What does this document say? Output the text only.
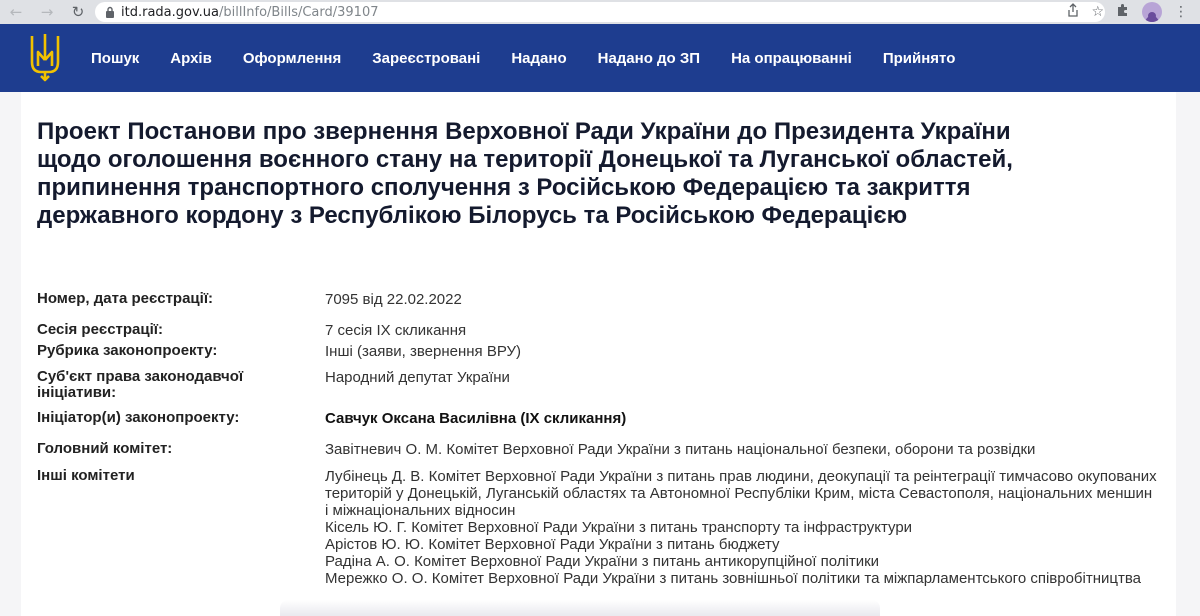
←	→	↻	itd.rada.gov.ua /billInfo/Bills/Card/39107	☆	⋮
Пошук Архів Оформлення Зареєстровані Надано Надано до ЗП На опрацюванні Прийнято
Проект Постанови про звернення Верховної Ради України до Президента України щодо оголошення воєнного стану на території Донецької та Луганської областей, припинення транспортного сполучення з Російською Федерацією та закриття державного кордону з Республікою Білорусь та Російською Федерацією
Номер, дата реєстрації:	7095 від 22.02.2022
Сесія реєстрації:	7 сесія IX скликання
Рубрика законопроекту:	Інші (заяви, звернення ВРУ)
Суб'єкт права законодавчої ініціативи:
Народний депутат України
Ініціатор(и) законопроекту:	Савчук Оксана Василівна (IX скликання)
Головний комітет:	Завітневич О. М. Комітет Верховної Ради України з питань національної безпеки, оборони та розвідки
Інші комітети	Лубінець Д. В. Комітет Верховної Ради України з питань прав людини, деокупації та реінтеграції тимчасово окупованих територій у Донецькій, Луганській областях та Автономної Республіки Крим, міста Севастополя, національних меншин і міжнаціональних відносин
Кісель Ю. Г. Комітет Верховної Ради України з питань транспорту та інфраструктури
Арістов Ю. Ю. Комітет Верховної Ради України з питань бюджету
Радіна А. О. Комітет Верховної Ради України з питань антикорупційної політики
Мережко О. О. Комітет Верховної Ради України з питань зовнішньої політики та міжпарламентського співробітництва
